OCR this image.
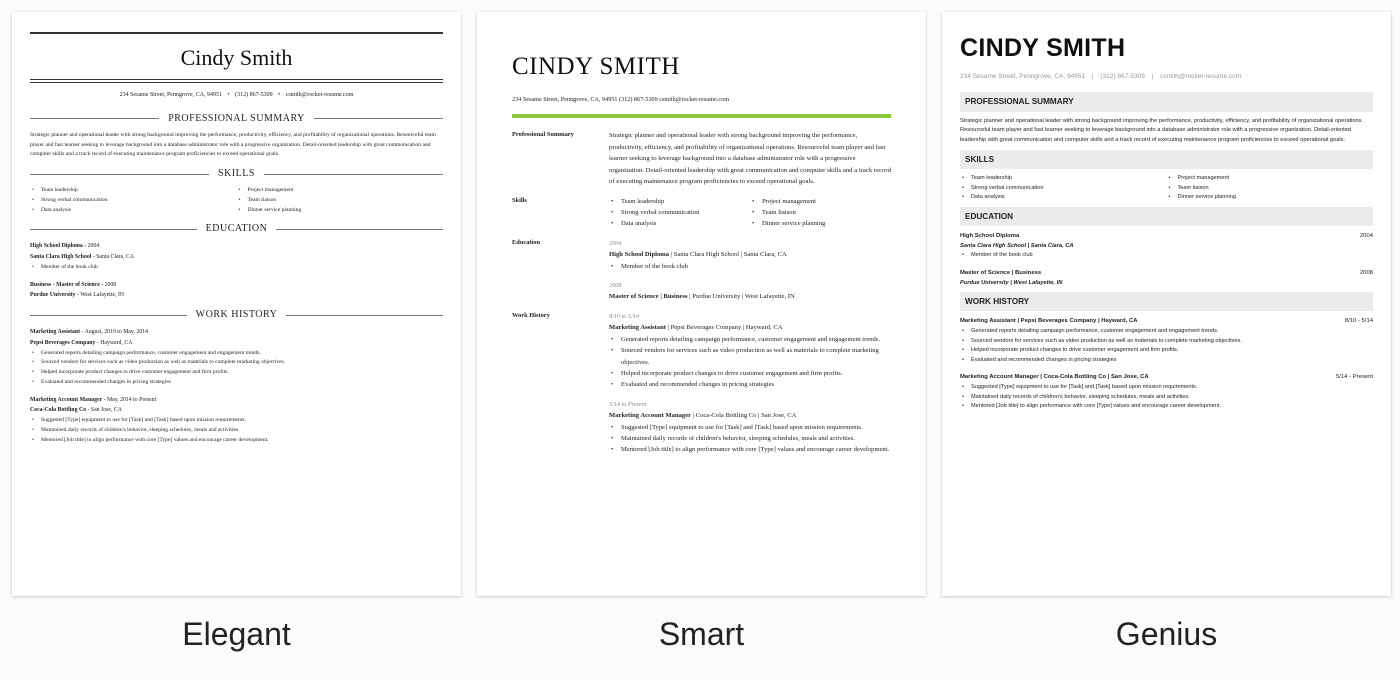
Cindy Smith
234 Sesame Street, Penngrove, CA, 94951 • (312) 867-5309 • csmith@rocket-resume.com
PROFESSIONAL SUMMARY

Strategic planner and operational leader with strong background improving the performance, productivity, efficiency, and profitability of organizational operations. Resourceful team player and fast learner seeking to leverage background into a database administrator role with a progressive organization. Detail-oriented leadership with great communication and computer skills and a track record of executing maintenance program proficiencies to exceed operational goals.

SKILLS
• Team leadership
• Strong verbal communication
• Data analysis
• Project management
• Team liaison
• Dinner service planning
EDUCATION
High School Diploma - 2004
Santa Clara High School - Santa Clara, CA
• Member of the book club
Business - Master of Science - 2008
Purdue University - West Lafayette, IN
WORK HISTORY
Marketing Assistant - August, 2010 to May, 2014
Pepsi Beverages Company - Hayward, CA
• Generated reports detailing campaign performance, customer engagement and engagement trends.
• Sourced vendors for services such as video production as well as materials to complete marketing objectives.
• Helped incorporate product changes to drive customer engagement and firm profits.
• Evaluated and recommended changes in pricing strategies
Marketing Account Manager - May, 2014 to Present
Coca-Cola Bottling Co - San Jose, CA
• Suggested [Type] equipment to use for [Task] and [Task] based upon mission requirements.
• Maintained daily records of children's behavior, sleeping schedules, meals and activities.
• Mentored [Job title] to align performance with core [Type] values and encourage career development.
Elegant
CINDY SMITH
234 Sesame Street, Penngrove, CA, 94951 (312) 867-5309 csmith@rocket-resume.com
Professional Summary	Strategic planner and operational leader with strong background improving the performance, productivity, efficiency, and profitability of organizational operations. Resourceful team player and fast learner seeking to leverage background into a database administrator role with a progressive organization. Detail-oriented leadership with great communication and computer skills and a track record of executing maintenance program proficiencies to exceed operational goals.

Skills	• Team leadership
• Strong verbal communication
• Data analysis
• Project management
• Team liaison
• Dinner service planning
Education	2004
High School Diploma | Santa Clara High School | Santa Clara, CA
• Member of the book club
2008
Master of Science | Business | Purdue University | West Lafayette, IN
Work History	8/10 to 5/14
Marketing Assistant | Pepsi Beverages Company | Hayward, CA
• Generated reports detailing campaign performance, customer engagement and engagement trends.
• Sourced vendors for services such as video production as well as materials to complete marketing objectives.
• Helped incorporate product changes to drive customer engagement and firm profits.
• Evaluated and recommended changes in pricing strategies
5/14 to Present
Marketing Account Manager | Coca-Cola Bottling Co | San Jose, CA
• Suggested [Type] equipment to use for [Task] and [Task] based upon mission requirements.
• Maintained daily records of children's behavior, sleeping schedules, meals and activities.
• Mentored [Job title] to align performance with core [Type] values and encourage career development.
Smart
CINDY SMITH
234 Sesame Street, Penngrove, CA, 94951 | (312) 867-5309 | csmith@rocket-resume.com
PROFESSIONAL SUMMARY

Strategic planner and operational leader with strong background improving the performance, productivity, efficiency, and profitability of organizational operations. Resourceful team player and fast learner seeking to leverage background into a database administrator role with a progressive organization. Detail-oriented leadership with great communication and computer skills and a track record of executing maintenance program proficiencies to exceed operational goals.

SKILLS
• Team leadership
• Strong verbal communication
• Data analysis
• Project management
• Team liaison
• Dinner service planning
EDUCATION
High School Diploma	2004
Santa Clara High School | Santa Clara, CA
• Member of the book club
Master of Science | Business	2008
Purdue University | West Lafayette, IN
WORK HISTORY
Marketing Assistant | Pepsi Beverages Company | Hayward, CA	8/10 - 5/14
• Generated reports detailing campaign performance, customer engagement and engagement trends.
• Sourced vendors for services such as video production as well as materials to complete marketing objectives.
• Helped incorporate product changes to drive customer engagement and firm profits.
• Evaluated and recommended changes in pricing strategies
Marketing Account Manager | Coca-Cola Bottling Co | San Jose, CA	5/14 - Present
• Suggested [Type] equipment to use for [Task] and [Task] based upon mission requirements.
• Maintained daily records of children's behavior, sleeping schedules, meals and activities.
• Mentored [Job title] to align performance with core [Type] values and encourage career development.
Genius
